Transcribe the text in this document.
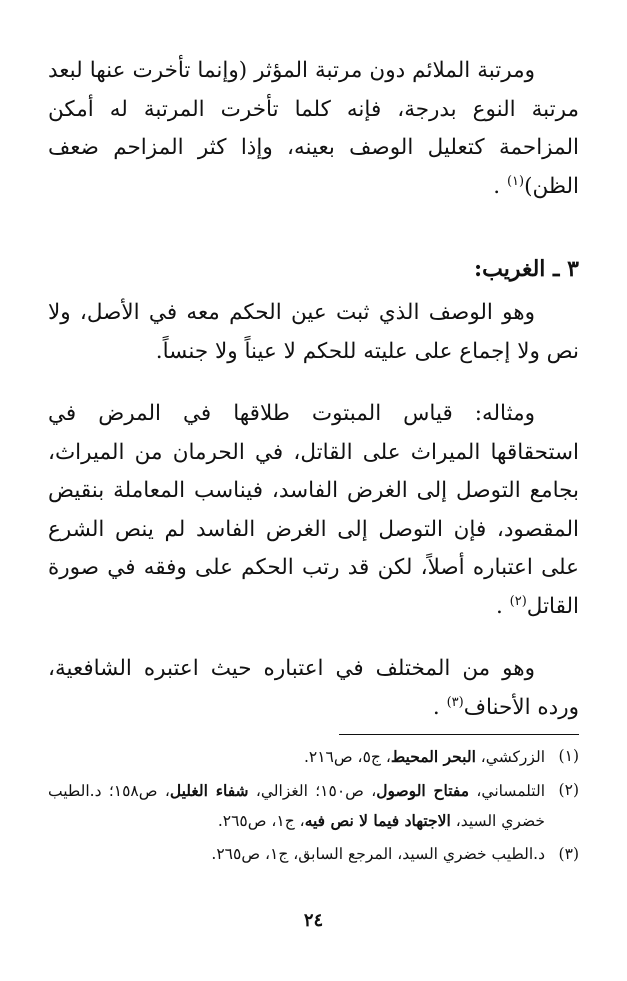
ومرتبة الملائم دون مرتبة المؤثر (وإنما تأخرت عنها لبعد مرتبة النوع بدرجة، فإنه كلما تأخرت المرتبة له أمكن المزاحمة كتعليل الوصف بعينه، وإذا كثر المزاحم ضعف الظن)$^{(١)}$ .

٣ ـ الغريب:

وهو الوصف الذي ثبت عين الحكم معه في الأصل، ولا نص ولا إجماع على عليته للحكم لا عيناً ولا جنساً.

ومثاله: قياس المبتوت طلاقها في المرض في استحقاقها الميراث على القاتل، في الحرمان من الميراث، بجامع التوصل إلى الغرض الفاسد، فيناسب المعاملة بنقيض المقصود، فإن التوصل إلى الغرض الفاسد لم ينص الشرع على اعتباره أصلاً، لكن قد رتب الحكم على وفقه في صورة القاتل$^{(٢)}$ .

وهو من المختلف في اعتباره حيث اعتبره الشافعية، ورده الأحناف$^{(٣)}$ .

(١)
الزركشي، البحر المحيط، ج٥، ص٢١٦.
(٢)
التلمساني، مفتاح الوصول، ص١٥٠؛ الغزالي، شفاء الغليل، ص١٥٨؛ د.الطيب خضري السيد، الاجتهاد فيما لا نص فيه، ج١، ص٢٦٥.
(٣)
د.الطيب خضري السيد، المرجع السابق، ج١، ص٢٦٥.
٢٤
